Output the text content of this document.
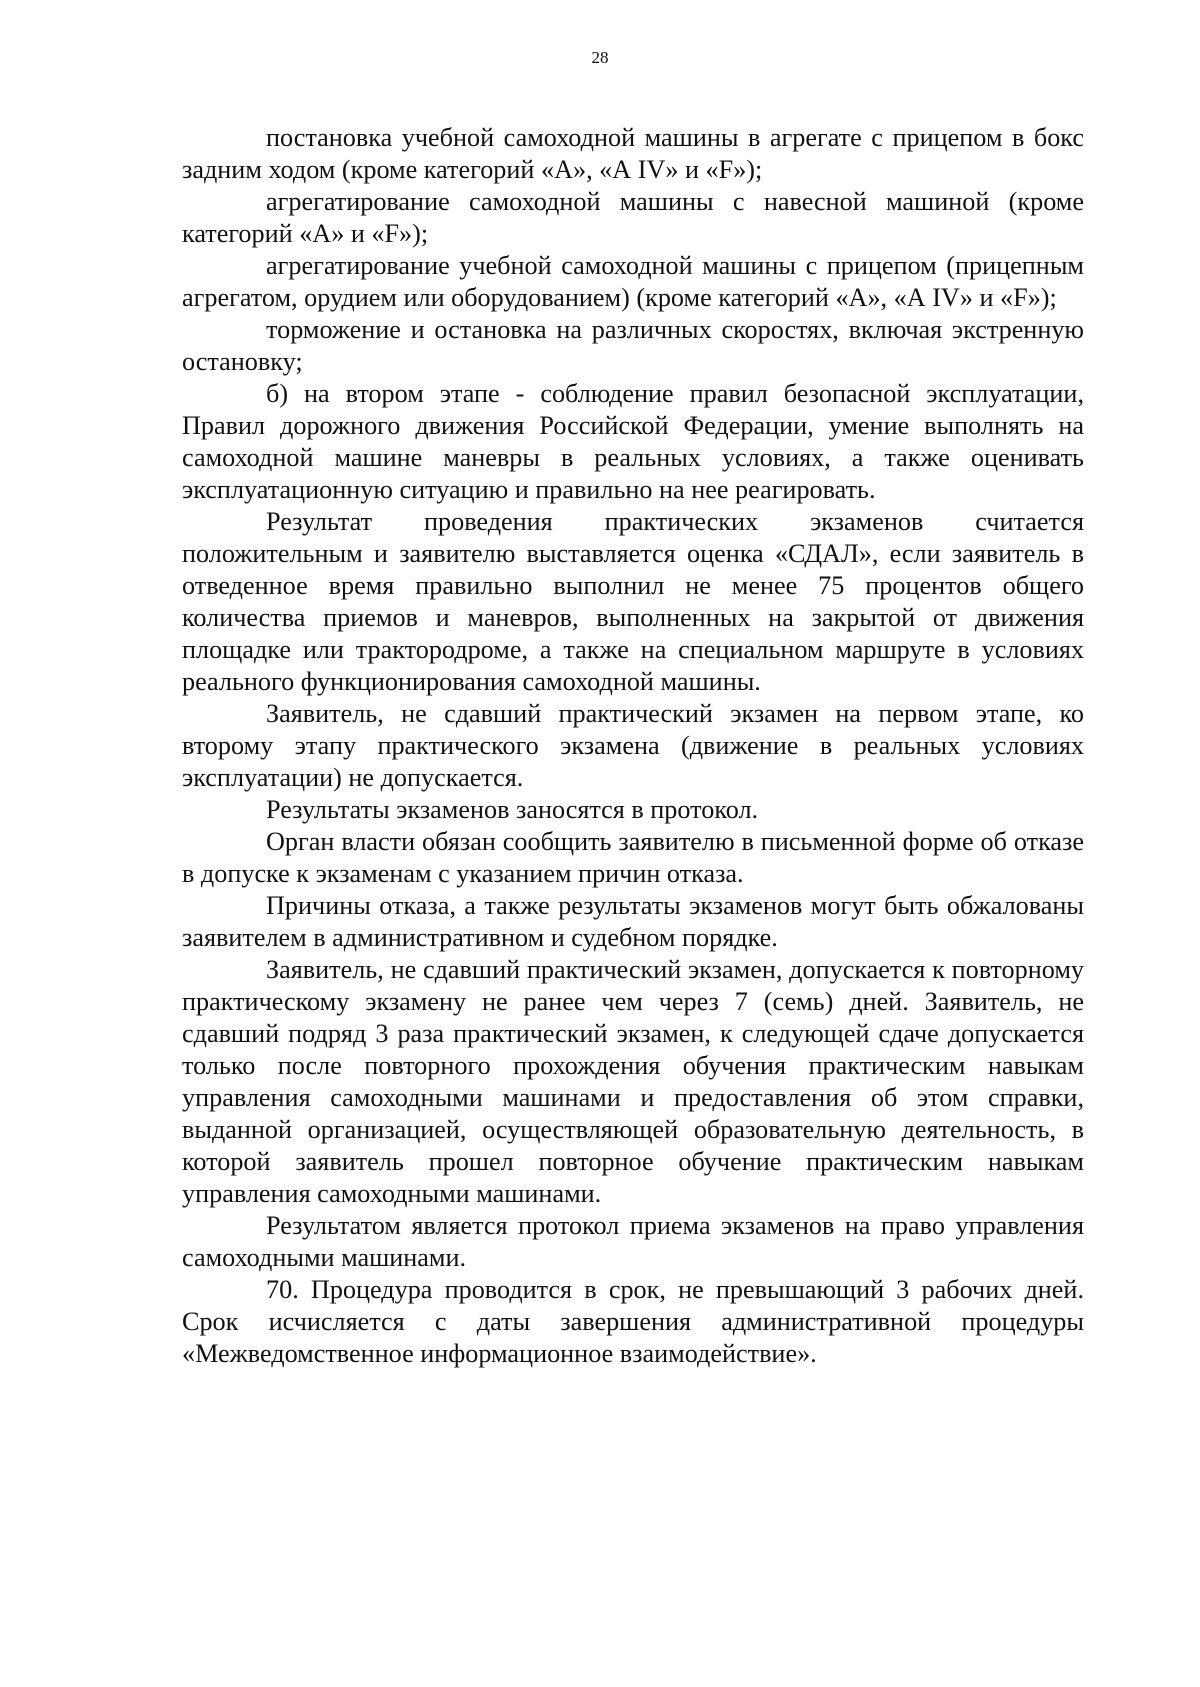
28

постановка учебной самоходной машины в агрегате с прицепом в бокс задним ходом (кроме категорий «А», «А IV» и «F»);

агрегатирование самоходной машины с навесной машиной (кроме категорий «А» и «F»);

агрегатирование учебной самоходной машины с прицепом (прицепным агрегатом, орудием или оборудованием) (кроме категорий «А», «А IV» и «F»);

торможение и остановка на различных скоростях, включая экстренную остановку;

б) на втором этапе - соблюдение правил безопасной эксплуатации, Правил дорожного движения Российской Федерации, умение выполнять на самоходной машине маневры в реальных условиях, а также оценивать эксплуатационную ситуацию и правильно на нее реагировать.

Результат проведения практических экзаменов считается положительным и заявителю выставляется оценка «СДАЛ», если заявитель в отведенное время правильно выполнил не менее 75 процентов общего количества приемов и маневров, выполненных на закрытой от движения площадке или трактородроме, а также на специальном маршруте в условиях реального функционирования самоходной машины.

Заявитель, не сдавший практический экзамен на первом этапе, ко второму этапу практического экзамена (движение в реальных условиях эксплуатации) не допускается.

Результаты экзаменов заносятся в протокол.

Орган власти обязан сообщить заявителю в письменной форме об отказе в допуске к экзаменам с указанием причин отказа.

Причины отказа, а также результаты экзаменов могут быть обжалованы заявителем в административном и судебном порядке.

Заявитель, не сдавший практический экзамен, допускается к повторному практическому экзамену не ранее чем через 7 (семь) дней. Заявитель, не сдавший подряд 3 раза практический экзамен, к следующей сдаче допускается только после повторного прохождения обучения практическим навыкам управления самоходными машинами и предоставления об этом справки, выданной организацией, осуществляющей образовательную деятельность, в которой заявитель прошел повторное обучение практическим навыкам управления самоходными машинами.

Результатом является протокол приема экзаменов на право управления самоходными машинами.

70. Процедура проводится в срок, не превышающий 3 рабочих дней. Срок исчисляется с даты завершения административной процедуры «Межведомственное информационное взаимодействие».
